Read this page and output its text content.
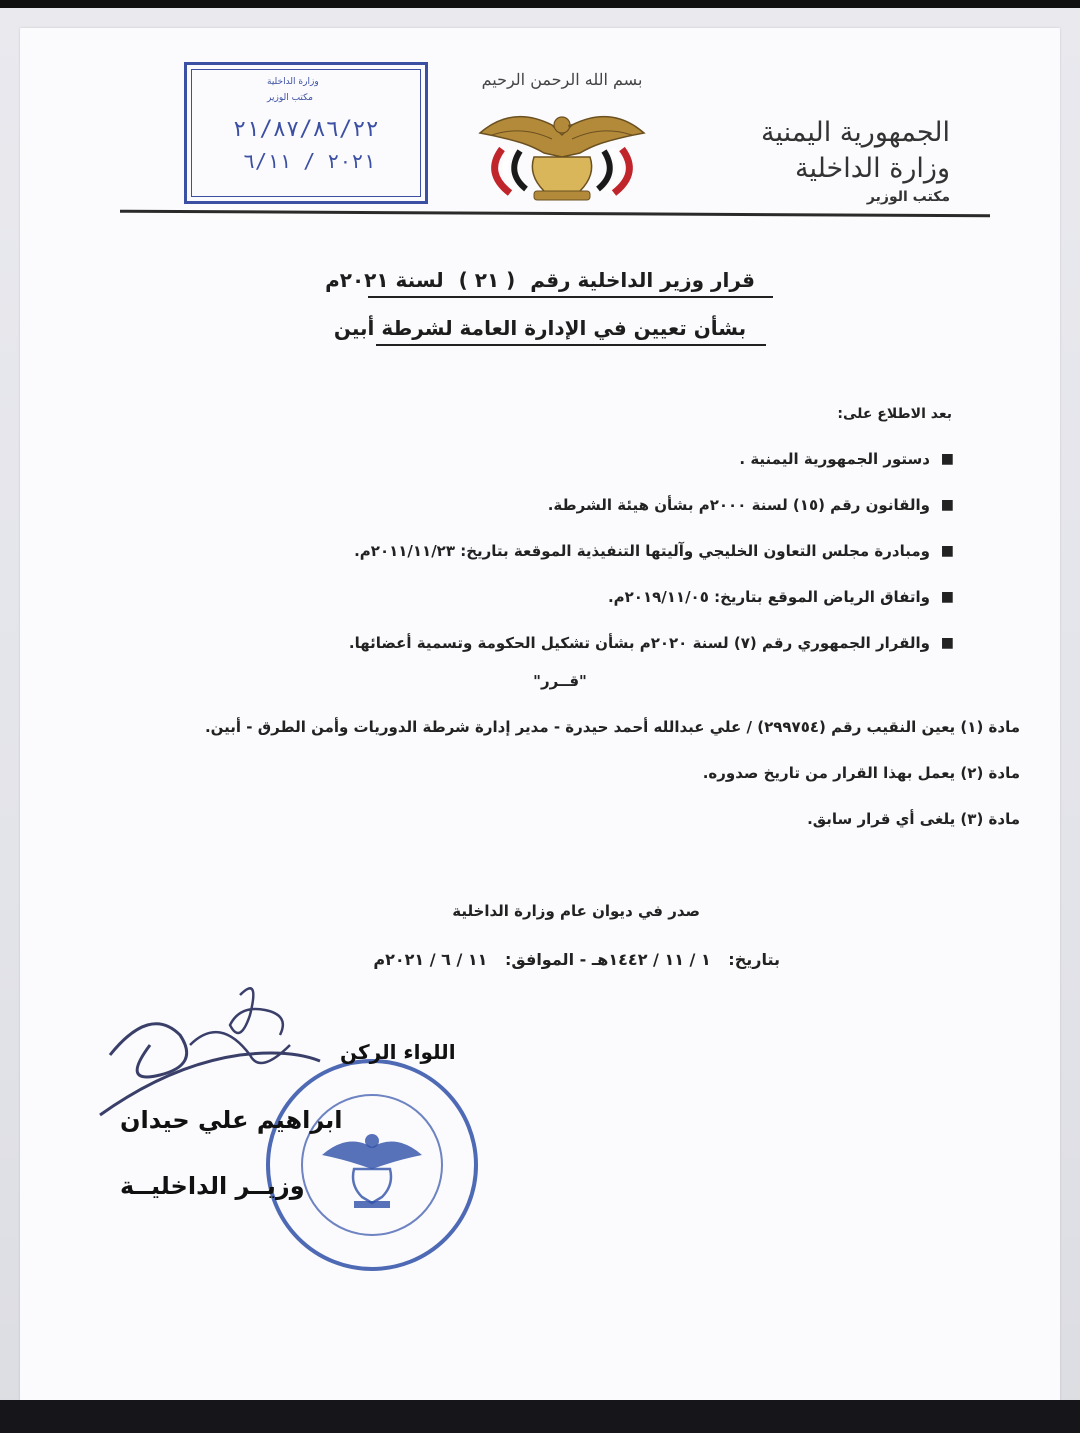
الجمهورية اليمنية
وزارة الداخلية
مكتب الوزير
بسم الله الرحمن الرحيم
وزارة الداخلية
مكتب الوزير
٢١/٨٧/٨٦/٢٢
٢٠٢١ / ٦/١١
قرار وزير الداخلية رقم ( ٢١ ) لسنة ٢٠٢١م
بشأن تعيين في الإدارة العامة لشرطة أبين
بعد الاطلاع على:
■
دستور الجمهورية اليمنية .
■
والقانون رقم (١٥) لسنة ٢٠٠٠م بشأن هيئة الشرطة.
■
ومبادرة مجلس التعاون الخليجي وآليتها التنفيذية الموقعة بتاريخ: ٢٠١١/١١/٢٣م.
■
واتفاق الرياض الموقع بتاريخ: ٢٠١٩/١١/٠٥م.
■
والقرار الجمهوري رقم (٧) لسنة ٢٠٢٠م بشأن تشكيل الحكومة وتسمية أعضائها.
"قــرر"
مادة (١) يعين النقيب رقم (٢٩٩٧٥٤) / علي عبدالله أحمد حيدرة - مدير إدارة شرطة الدوريات وأمن الطرق - أبين.
مادة (٢) يعمل بهذا القرار من تاريخ صدوره.
مادة (٣) يلغى أي قرار سابق.
صدر في ديوان عام وزارة الداخلية
بتاريخ: ١ / ١١ / ١٤٤٢هـ - الموافق: ١١ / ٦ / ٢٠٢١م
اللواء الركن
ابراهيم علي حيدان
وزيــر الداخليــة
